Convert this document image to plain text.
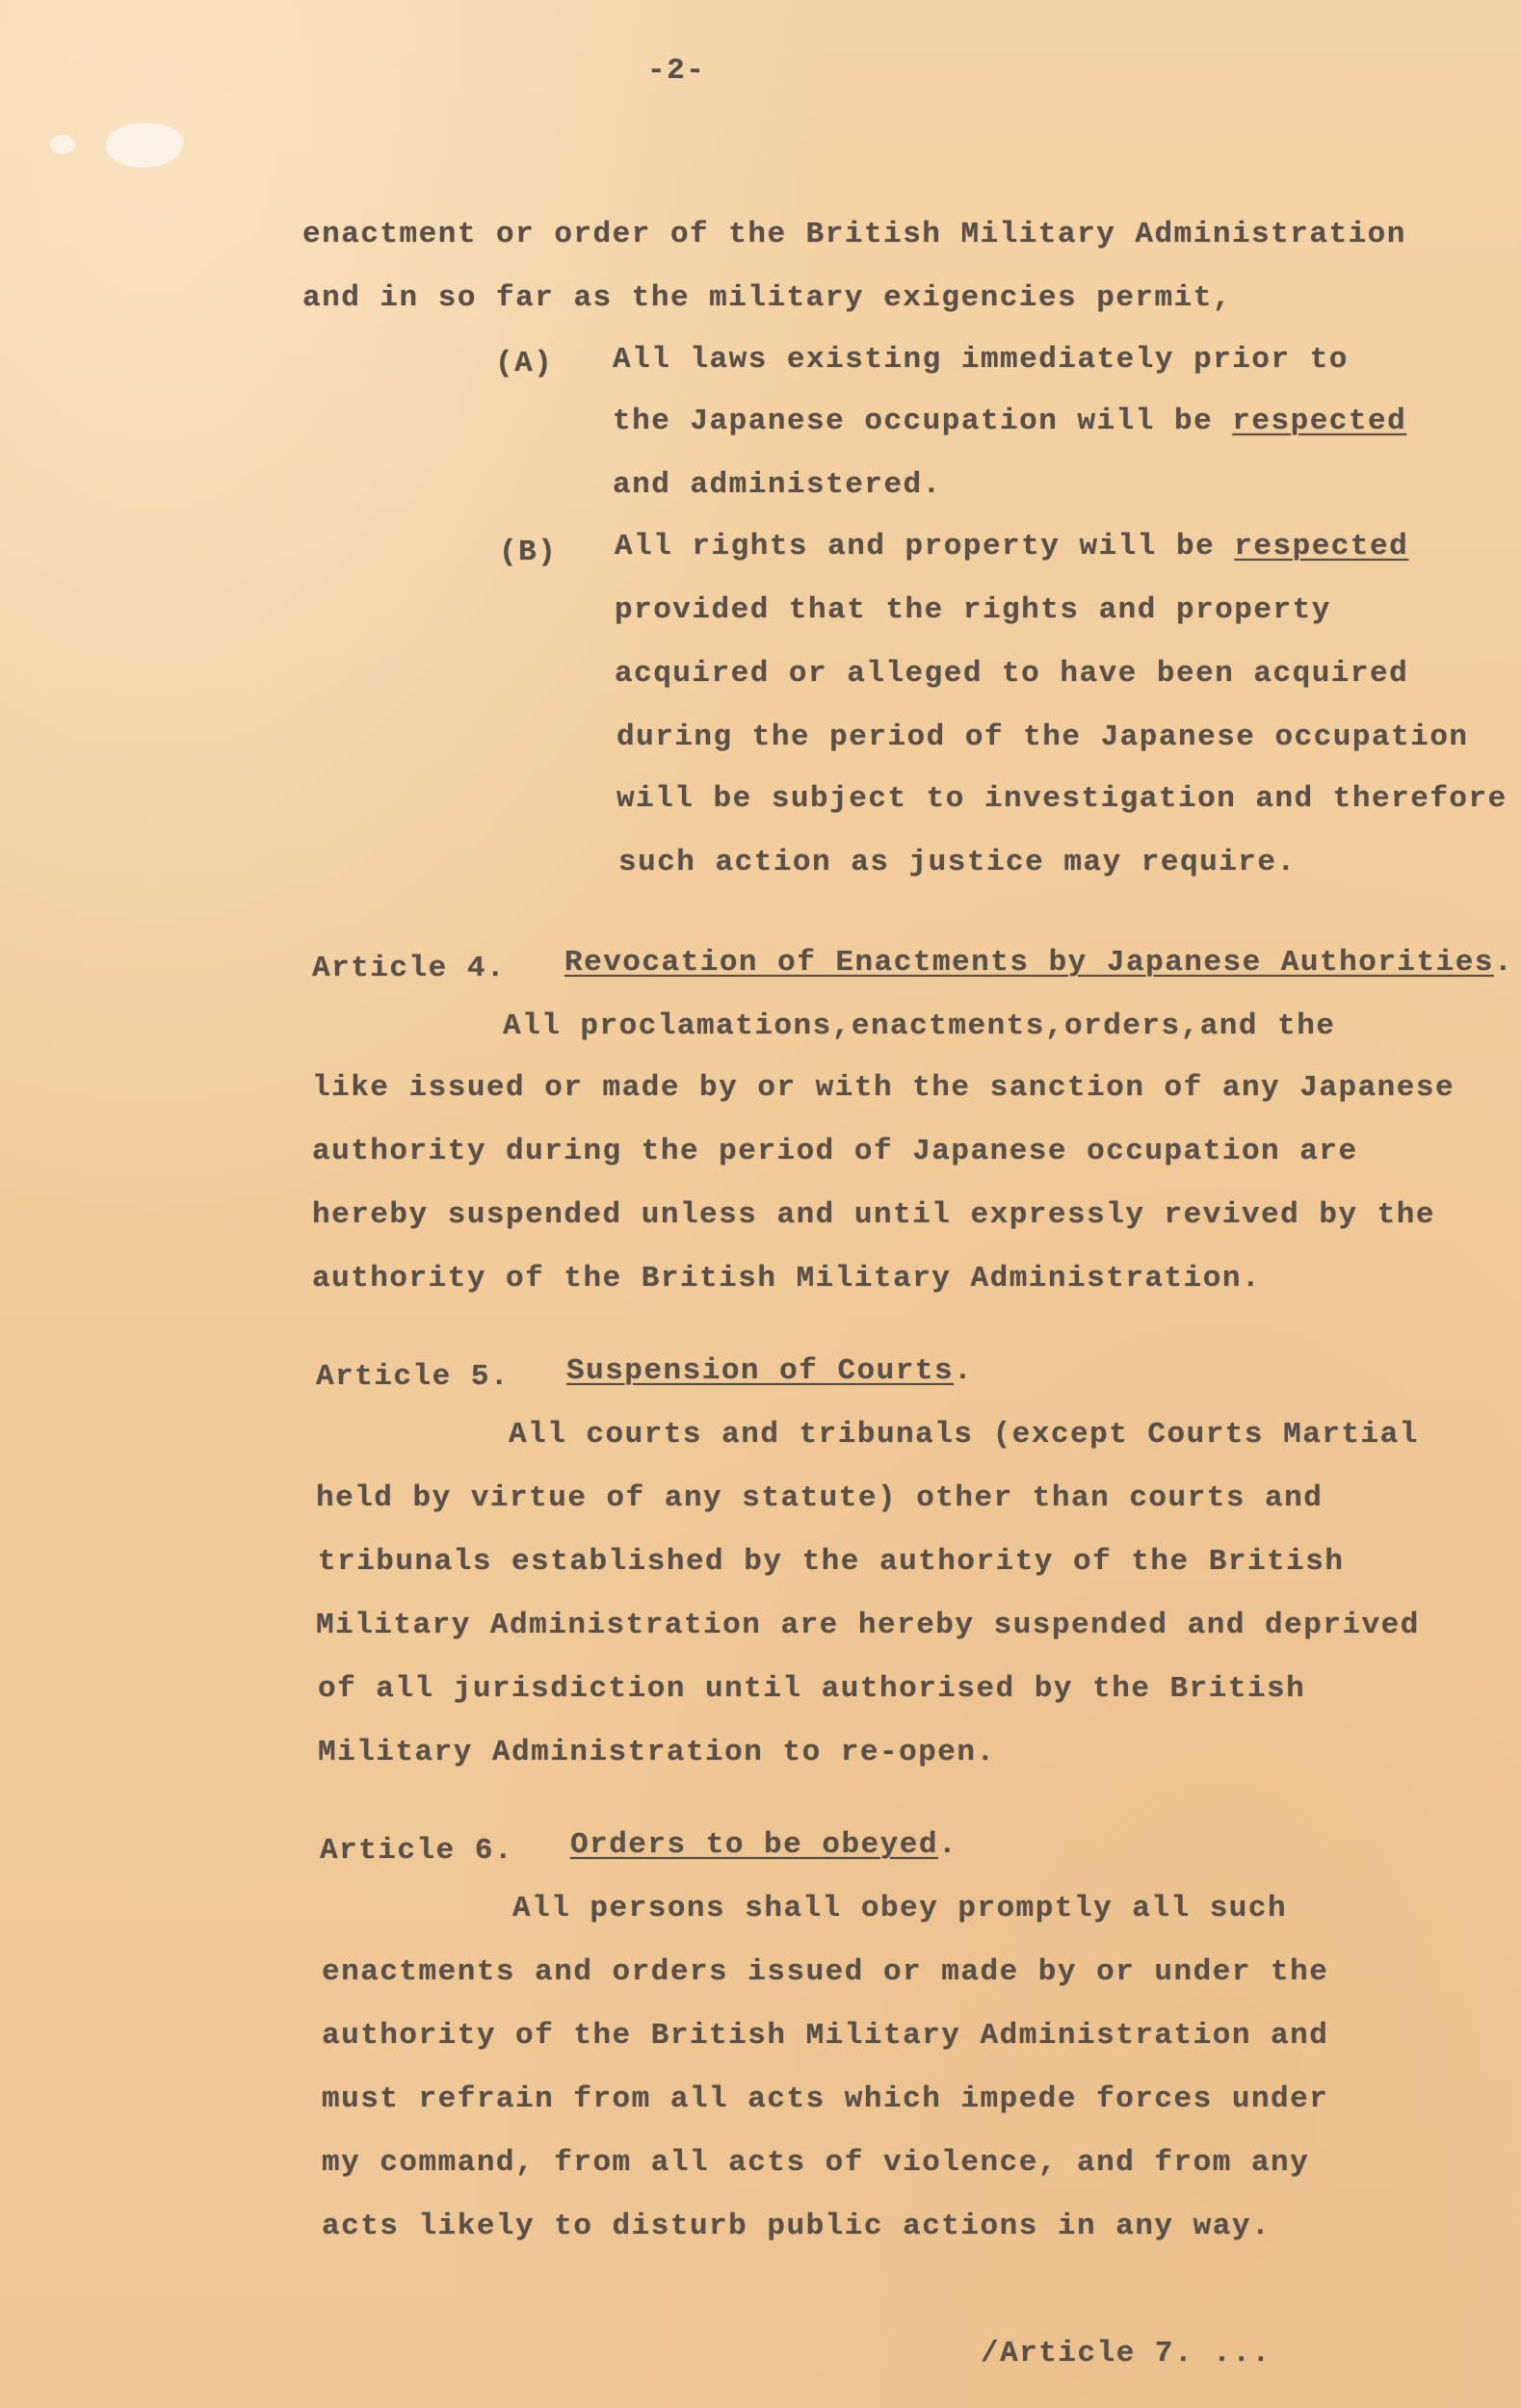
-2-
enactment or order of the British Military Administration
and in so far as the military exigencies permit,
(A) All laws existing immediately prior to
the Japanese occupation will be respected
and administered.
(B) All rights and property will be respected
provided that the rights and property
acquired or alleged to have been acquired
during the period of the Japanese occupation
will be subject to investigation and therefore
such action as justice may require.
Article 4. Revocation of Enactments by Japanese Authorities.
All proclamations,enactments,orders,and the
like issued or made by or with the sanction of any Japanese
authority during the period of Japanese occupation are
hereby suspended unless and until expressly revived by the
authority of the British Military Administration.
Article 5. Suspension of Courts.
All courts and tribunals (except Courts Martial
held by virtue of any statute) other than courts and
tribunals established by the authority of the British
Military Administration are hereby suspended and deprived
of all jurisdiction until authorised by the British
Military Administration to re-open.
Article 6. Orders to be obeyed.
All persons shall obey promptly all such
enactments and orders issued or made by or under the
authority of the British Military Administration and
must refrain from all acts which impede forces under
my command, from all acts of violence, and from any
acts likely to disturb public actions in any way.
/Article 7. ...
